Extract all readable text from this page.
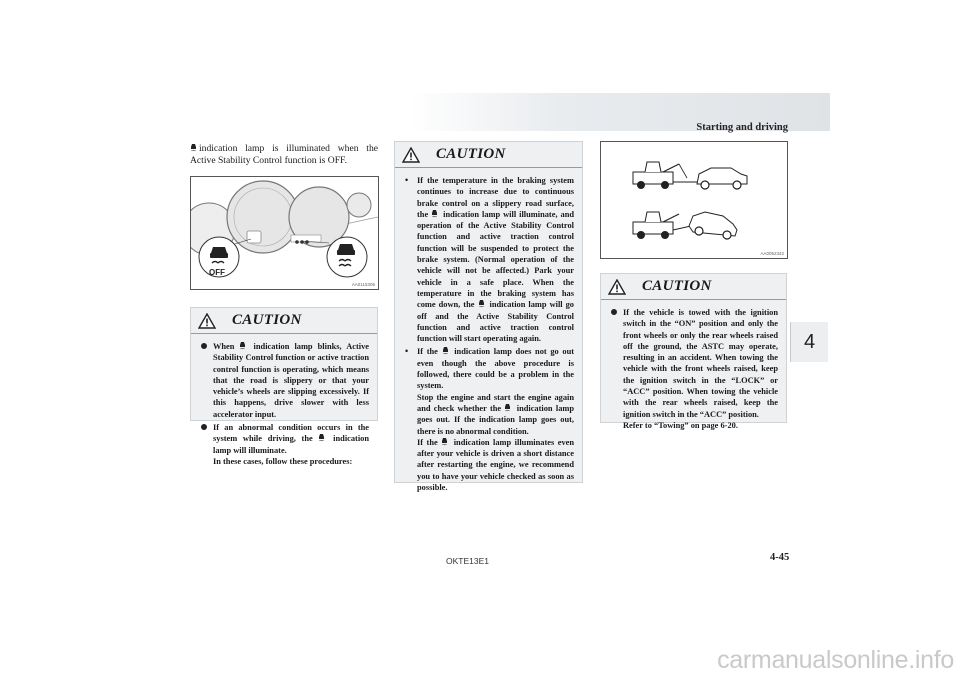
Starting and driving
4
indication lamp is illuminated when the Active Stability Control function is OFF.
OFF
AA0115306
CAUTION
When indication lamp blinks, Active Stability Control function or active traction control function is operating, which means that the road is slippery or that your vehicle’s wheels are slipping excessively. If this happens, drive slower with less accelerator input.
If an abnormal condition occurs in the system while driving, the indication lamp will illuminate.
In these cases, follow these procedures:
CAUTION
• If the temperature in the braking system continues to increase due to continuous brake control on a slippery road surface, the indication lamp will illuminate, and operation of the Active Stability Control function and active traction control function will be suspended to protect the brake system. (Normal operation of the vehicle will not be affected.) Park your vehicle in a safe place. When the temperature in the braking system has come down, the indication lamp will go off and the Active Stability Control function and active traction control function will start operating again.
• If the indication lamp does not go out even though the above procedure is followed, there could be a problem in the system.
Stop the engine and start the engine again and check whether the indication lamp goes out. If the indication lamp goes out, there is no abnormal condition.
If the indication lamp illuminates even after your vehicle is driven a short distance after restarting the engine, we recommend you to have your vehicle checked as soon as possible.
AA0052342
CAUTION
If the vehicle is towed with the ignition switch in the “ON” position and only the front wheels or only the rear wheels raised off the ground, the ASTC may operate, resulting in an accident. When towing the vehicle with the front wheels raised, keep the ignition switch in the “LOCK” or “ACC” position. When towing the vehicle with the rear wheels raised, keep the ignition switch in the “ACC” position.
Refer to “Towing” on page 6-20.
OKTE13E1	4-45
carmanualsonline.info
